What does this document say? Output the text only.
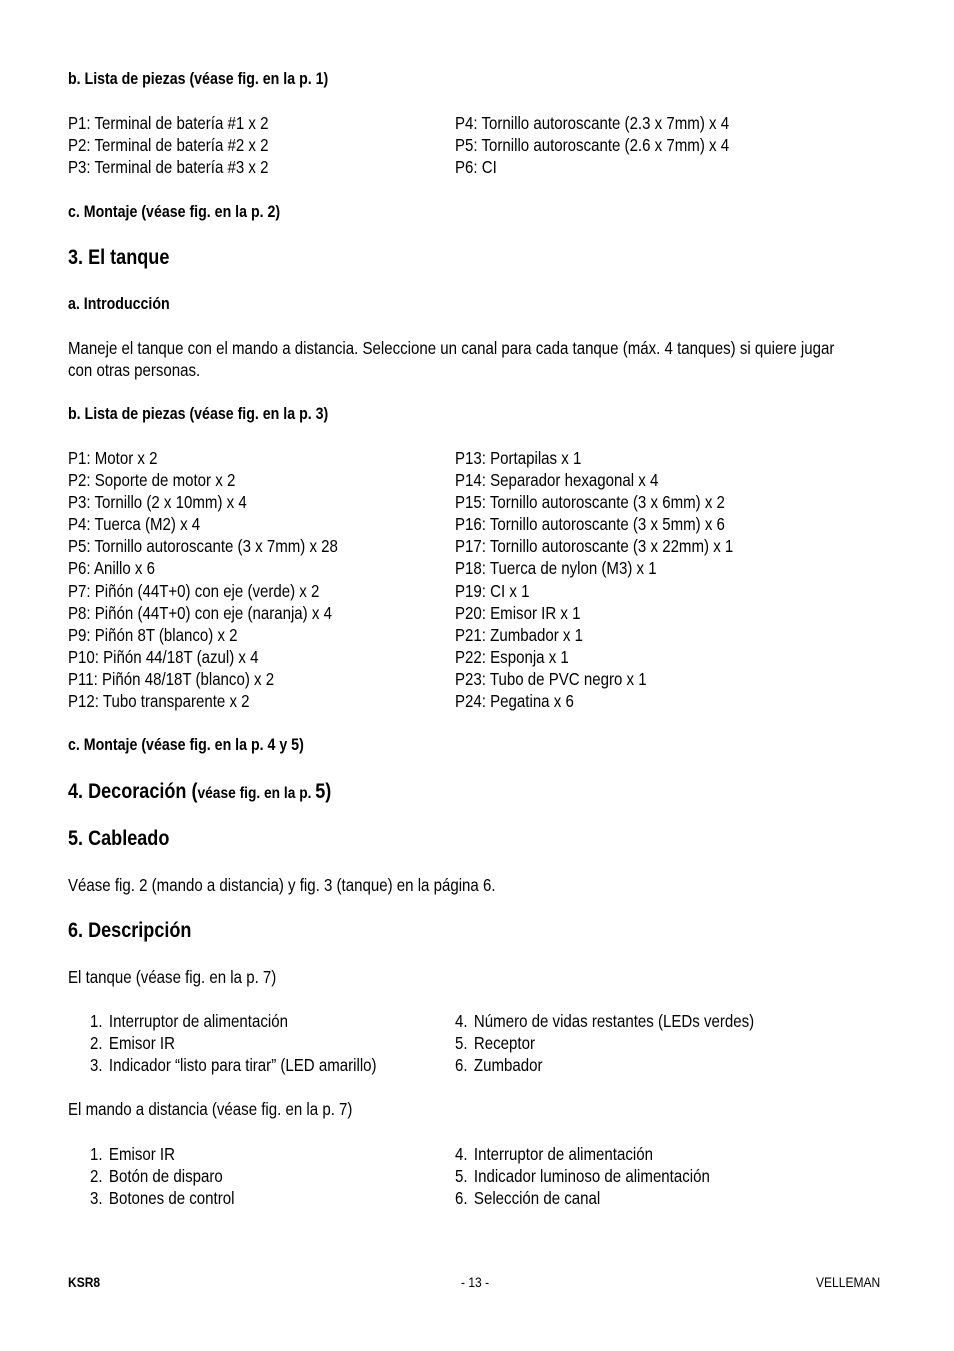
b. Lista de piezas (véase fig. en la p. 1)
P1: Terminal de batería #1 x 2
P2: Terminal de batería #2 x 2
P3: Terminal de batería #3 x 2
P4: Tornillo autoroscante (2.3 x 7mm) x 4
P5: Tornillo autoroscante (2.6 x 7mm) x 4
P6: CI
c. Montaje (véase fig. en la p. 2)
3. El tanque
a. Introducción
Maneje el tanque con el mando a distancia. Seleccione un canal para cada tanque (máx. 4 tanques) si quiere jugar
con otras personas.
b. Lista de piezas (véase fig. en la p. 3)
P1: Motor x 2
P2: Soporte de motor x 2
P3: Tornillo (2 x 10mm) x 4
P4: Tuerca (M2) x 4
P5: Tornillo autoroscante (3 x 7mm) x 28
P6: Anillo x 6
P7: Piñón (44T+0) con eje (verde) x 2
P8: Piñón (44T+0) con eje (naranja) x 4
P9: Piñón 8T (blanco) x 2
P10: Piñón 44/18T (azul) x 4
P11: Piñón 48/18T (blanco) x 2
P12: Tubo transparente x 2
P13: Portapilas x 1
P14: Separador hexagonal x 4
P15: Tornillo autoroscante (3 x 6mm) x 2
P16: Tornillo autoroscante (3 x 5mm) x 6
P17: Tornillo autoroscante (3 x 22mm) x 1
P18: Tuerca de nylon (M3) x 1
P19: CI x 1
P20: Emisor IR x 1
P21: Zumbador x 1
P22: Esponja x 1
P23: Tubo de PVC negro x 1
P24: Pegatina x 6
c. Montaje (véase fig. en la p. 4 y 5)
4. Decoración (véase fig. en la p. 5)
5. Cableado
Véase fig. 2 (mando a distancia) y fig. 3 (tanque) en la página 6.
6. Descripción
El tanque (véase fig. en la p. 7)
1. Interruptor de alimentación
2. Emisor IR
3. Indicador “listo para tirar” (LED amarillo)
4. Número de vidas restantes (LEDs verdes)
5. Receptor
6. Zumbador
El mando a distancia (véase fig. en la p. 7)
1. Emisor IR
2. Botón de disparo
3. Botones de control
4. Interruptor de alimentación
5. Indicador luminoso de alimentación
6. Selección de canal
KSR8	- 13 -	VELLEMAN
